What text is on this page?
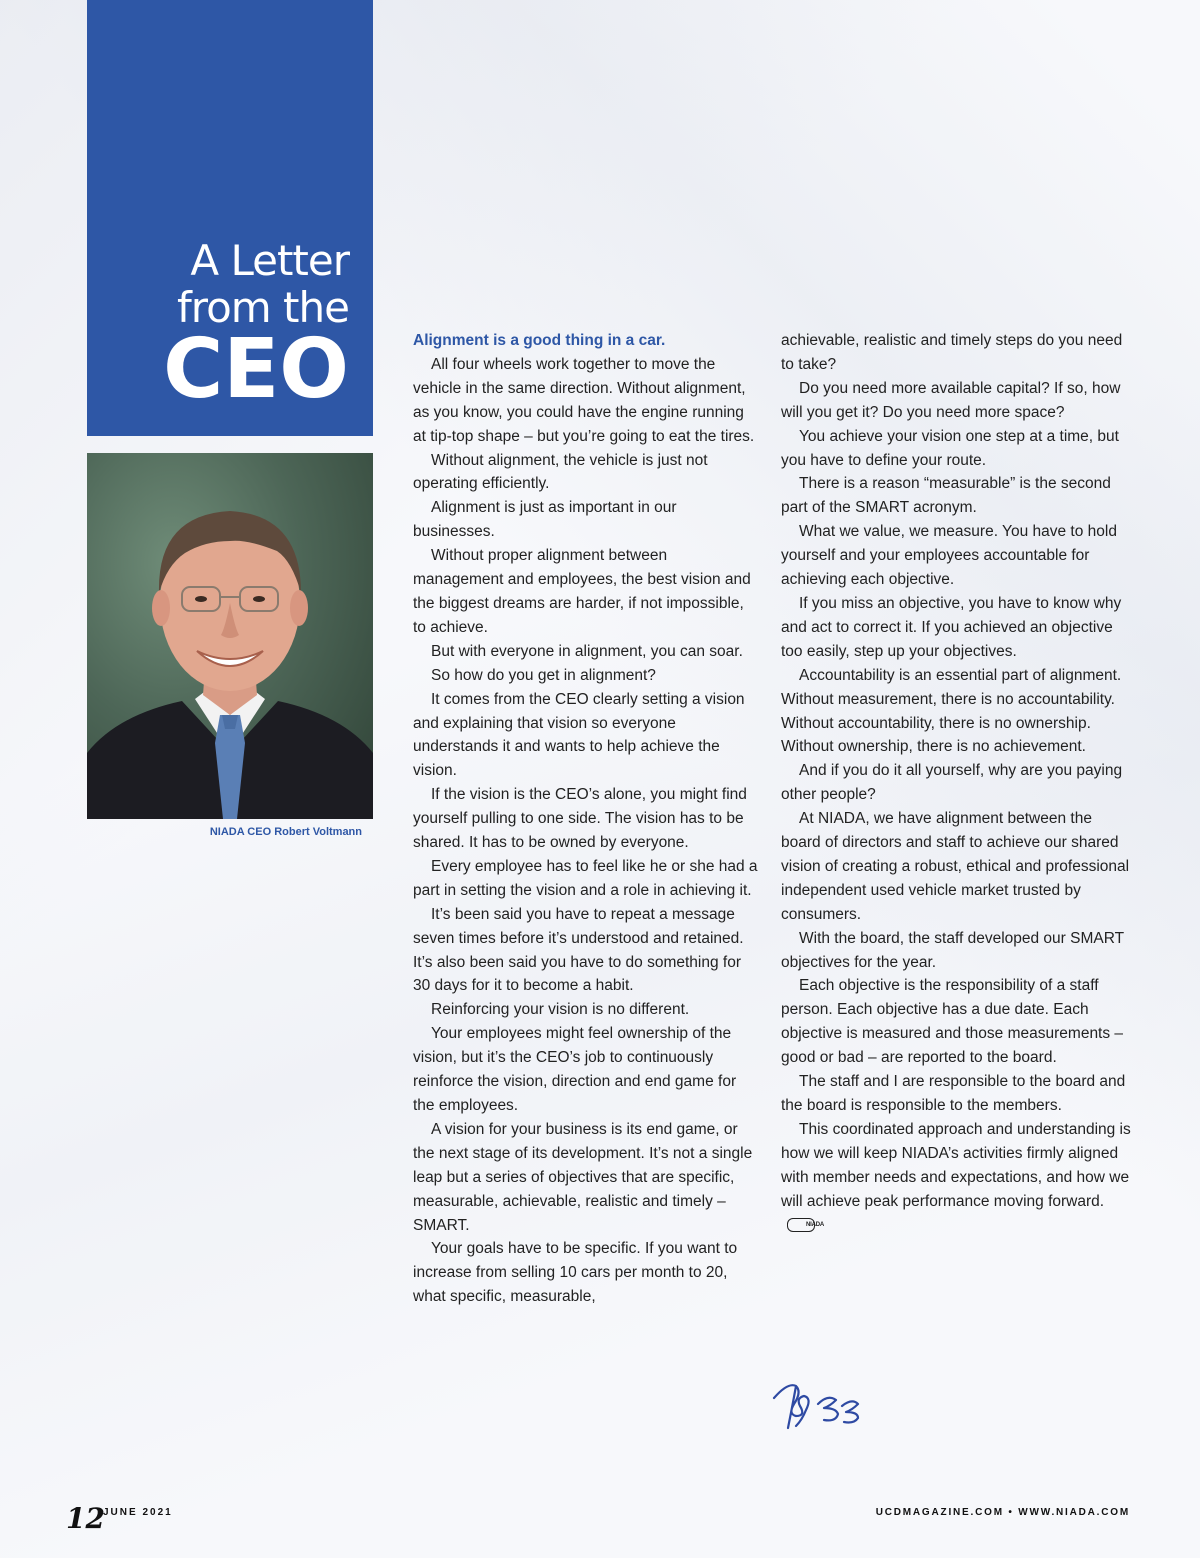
A Letter
from the
CEO
NIADA CEO Robert Voltmann

Alignment is a good thing in a car.

All four wheels work together to move the vehicle in the same direction. Without alignment, as you know, you could have the engine running at tip-top shape – but you’re going to eat the tires.

Without alignment, the vehicle is just not operating efficiently.

Alignment is just as important in our businesses.

Without proper alignment between management and employees, the best vision and the biggest dreams are harder, if not impossible, to achieve.

But with everyone in alignment, you can soar.

So how do you get in alignment?

It comes from the CEO clearly setting a vision and explaining that vision so everyone understands it and wants to help achieve the vision.

If the vision is the CEO’s alone, you might find yourself pulling to one side. The vision has to be shared. It has to be owned by everyone.

Every employee has to feel like he or she had a part in setting the vision and a role in achieving it.

It’s been said you have to repeat a message seven times before it’s understood and retained. It’s also been said you have to do something for 30 days for it to become a habit.

Reinforcing your vision is no different.

Your employees might feel ownership of the vision, but it’s the CEO’s job to continuously reinforce the vision, direction and end game for the employees.

A vision for your business is its end game, or the next stage of its development. It’s not a single leap but a series of objectives that are specific, measurable, achievable, realistic and timely – SMART.

Your goals have to be specific. If you want to increase from selling 10 cars per month to 20, what specific, measurable,

achievable, realistic and timely steps do you need to take?

Do you need more available capital? If so, how will you get it? Do you need more space?

You achieve your vision one step at a time, but you have to define your route.

There is a reason “measurable” is the second part of the SMART acronym.

What we value, we measure. You have to hold yourself and your employees accountable for achieving each objective.

If you miss an objective, you have to know why and act to correct it. If you achieved an objective too easily, step up your objectives.

Accountability is an essential part of alignment. Without measurement, there is no accountability. Without accountability, there is no ownership. Without ownership, there is no achievement.

And if you do it all yourself, why are you paying other people?

At NIADA, we have alignment between the board of directors and staff to achieve our shared vision of creating a robust, ethical and professional independent used vehicle market trusted by consumers.

With the board, the staff developed our SMART objectives for the year.

Each objective is the responsibility of a staff person. Each objective has a due date. Each objective is measured and those measurements – good or bad – are reported to the board.

The staff and I are responsible to the board and the board is responsible to the members.

This coordinated approach and understanding is how we will keep NIADA’s activities firmly aligned with member needs and expectations, and how we will achieve peak performance moving forward.NIADA

12
JUNE 2021	UCDMAGAZINE.COM • WWW.NIADA.COM
